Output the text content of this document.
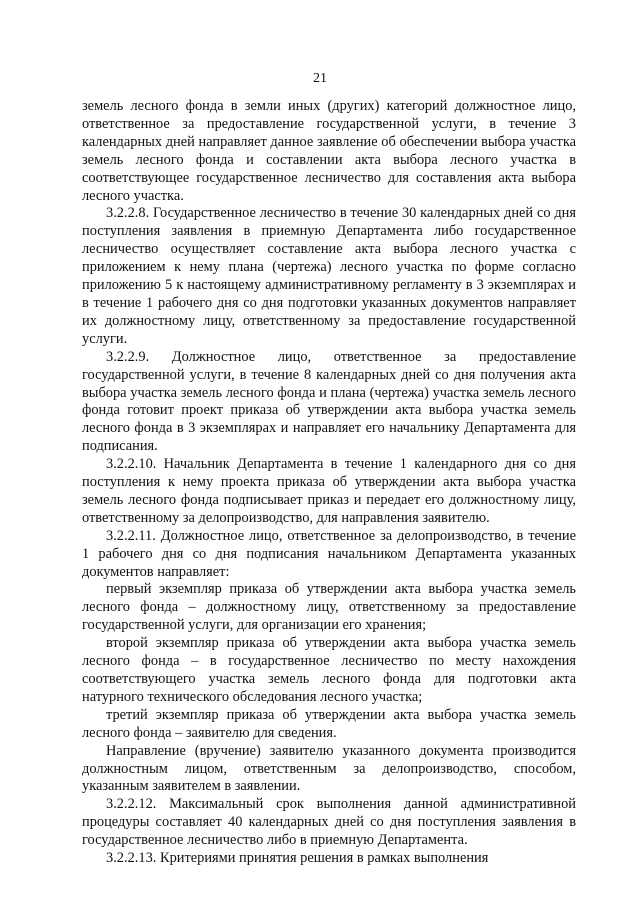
21

земель лесного фонда в земли иных (других) категорий должностное лицо, ответственное за предоставление государственной услуги, в течение 3 календарных дней направляет данное заявление об обеспечении выбора участка земель лесного фонда и составлении акта выбора лесного участка в соответствующее государственное лесничество для составления акта выбора лесного участка.

3.2.2.8. Государственное лесничество в течение 30 календарных дней со дня поступления заявления в приемную Департамента либо государственное лесничество осуществляет составление акта выбора лесного участка с приложением к нему плана (чертежа) лесного участка по форме согласно приложению 5 к настоящему административному регламенту в 3 экземплярах и в течение 1 рабочего дня со дня подготовки указанных документов направляет их должностному лицу, ответственному за предоставление государственной услуги.

3.2.2.9. Должностное лицо, ответственное за предоставление государственной услуги, в течение 8 календарных дней со дня получения акта выбора участка земель лесного фонда и плана (чертежа) участка земель лесного фонда готовит проект приказа об утверждении акта выбора участка земель лесного фонда в 3 экземплярах и направляет его начальнику Департамента для подписания.

3.2.2.10. Начальник Департамента в течение 1 календарного дня со дня поступления к нему проекта приказа об утверждении акта выбора участка земель лесного фонда подписывает приказ и передает его должностному лицу, ответственному за делопроизводство, для направления заявителю.

3.2.2.11. Должностное лицо, ответственное за делопроизводство, в течение 1 рабочего дня со дня подписания начальником Департамента указанных документов направляет:

первый экземпляр приказа об утверждении акта выбора участка земель лесного фонда – должностному лицу, ответственному за предоставление государственной услуги, для организации его хранения;

второй экземпляр приказа об утверждении акта выбора участка земель лесного фонда – в государственное лесничество по месту нахождения соответствующего участка земель лесного фонда для подготовки акта натурного технического обследования лесного участка;

третий экземпляр приказа об утверждении акта выбора участка земель лесного фонда – заявителю для сведения.

Направление (вручение) заявителю указанного документа производится должностным лицом, ответственным за делопроизводство, способом, указанным заявителем в заявлении.

3.2.2.12. Максимальный срок выполнения данной административной процедуры составляет 40 календарных дней со дня поступления заявления в государственное лесничество либо в приемную Департамента.

3.2.2.13. Критериями принятия решения в рамках выполнения
